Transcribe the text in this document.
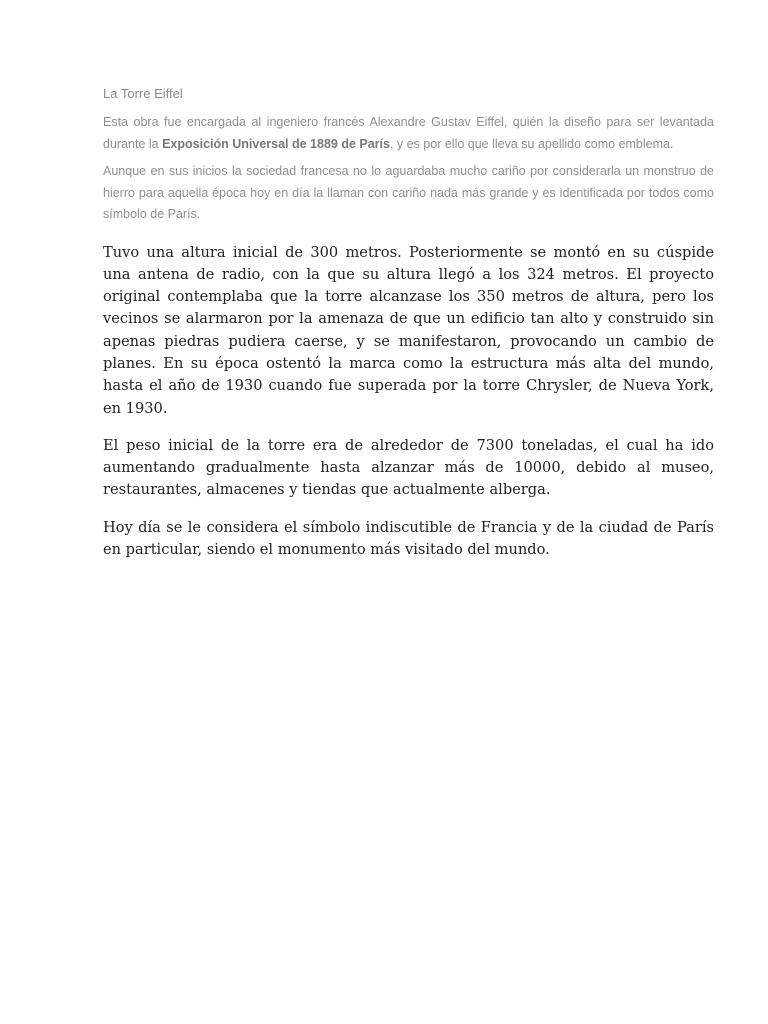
La Torre Eiffel

Esta obra fue encargada al ingeniero francés Alexandre Gustav Eiffel, quién la diseño para ser levantada durante la Exposición Universal de 1889 de París, y es por ello que lleva su apellido como emblema.

Aunque en sus inicios la sociedad francesa no lo aguardaba mucho cariño por considerarla un monstruo de hierro para aquella época hoy en día la llaman con cariño nada más grande y es identificada por todos como símbolo de París.

Tuvo una altura inicial de 300 metros. Posteriormente se montó en su cúspide una antena de radio, con la que su altura llegó a los 324 metros. El proyecto original contemplaba que la torre alcanzase los 350 metros de altura, pero los vecinos se alarmaron por la amenaza de que un edificio tan alto y construido sin apenas piedras pudiera caerse, y se manifestaron, provocando un cambio de planes. En su época ostentó la marca como la estructura más alta del mundo, hasta el año de 1930 cuando fue superada por la torre Chrysler, de Nueva York, en 1930.

El peso inicial de la torre era de alrededor de 7300 toneladas, el cual ha ido aumentando gradualmente hasta alzanzar más de 10000, debido al museo, restaurantes, almacenes y tiendas que actualmente alberga.

Hoy día se le considera el símbolo indiscutible de Francia y de la ciudad de París en particular, siendo el monumento más visitado del mundo.
